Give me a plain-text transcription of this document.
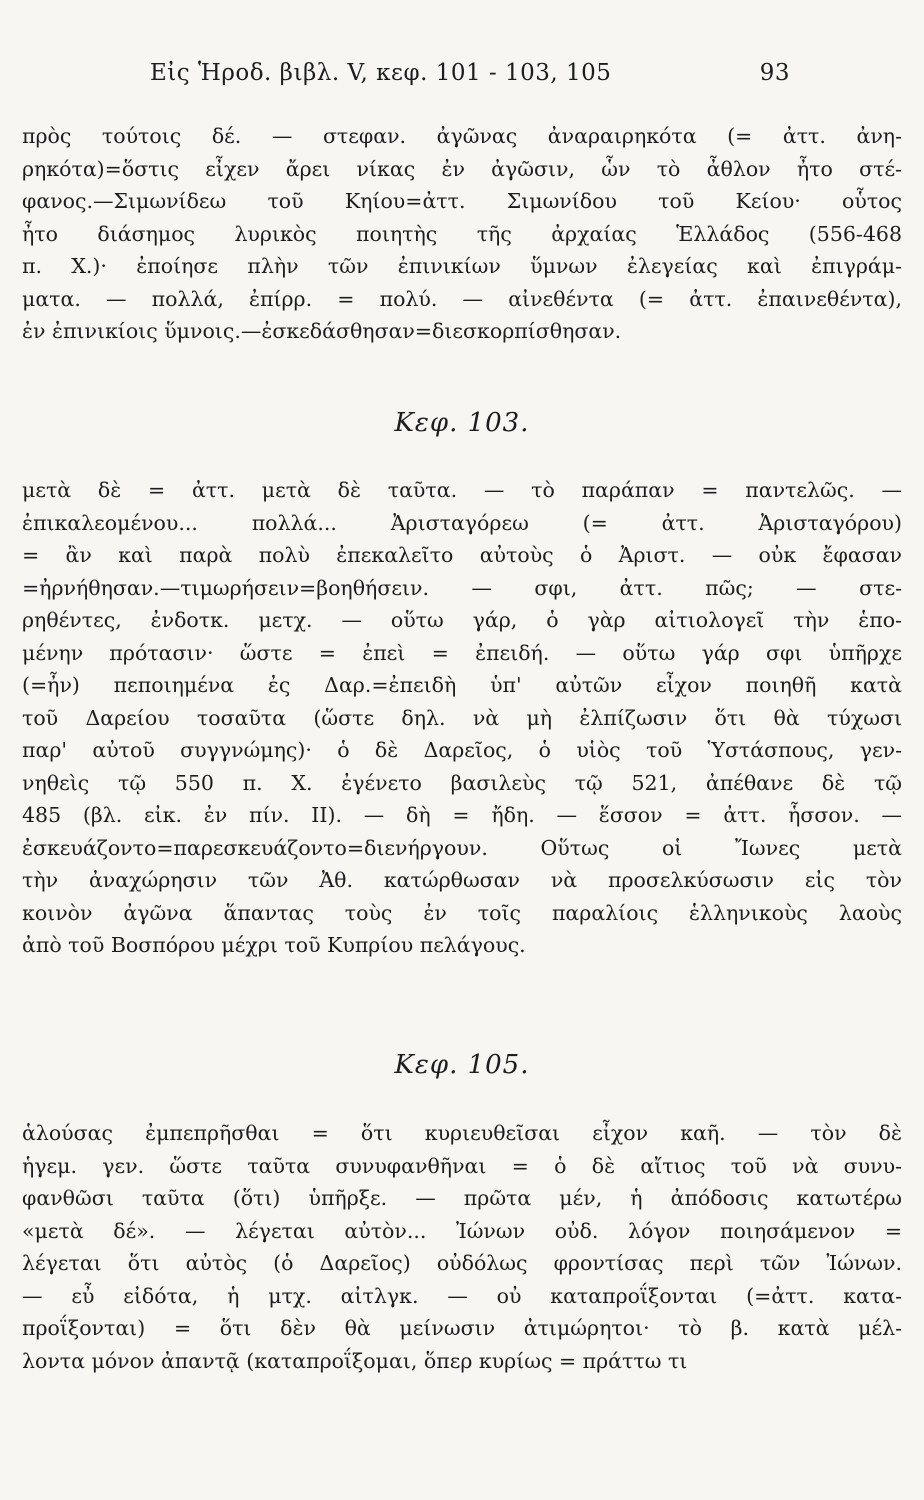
Εἰς Ἡροδ. βιβλ. V, κεφ. 101 - 103, 105	93
πρὸς τούτοις δέ. — στεφαν. ἀγῶνας ἀναραιρηκότα (= ἀττ. ἀνη-
ρηκότα)=ὅστις εἶχεν ἄρει νίκας ἐν ἀγῶσιν, ὧν τὸ ἆθλον ἦτο στέ-
φανος.—Σιμωνίδεω τοῦ Κηίου=ἀττ. Σιμωνίδου τοῦ Κείου· οὗτος
ἦτο διάσημος λυρικὸς ποιητὴς τῆς ἀρχαίας Ἑλλάδος (556-468
π. Χ.)· ἐποίησε πλὴν τῶν ἐπινικίων ὕμνων ἐλεγείας καὶ ἐπιγράμ-
ματα. — πολλά, ἐπίρρ. = πολύ. — αἰνεθέντα (= ἀττ. ἐπαινεθέντα),
ἐν ἐπινικίοις ὕμνοις.—ἐσκεδάσθησαν=διεσκορπίσθησαν.
Κεφ. 103.
μετὰ δὲ = ἀττ. μετὰ δὲ ταῦτα. — τὸ παράπαν = παντελῶς. —
ἐπικαλεομένου... πολλά... Ἀρισταγόρεω (= ἀττ. Ἀρισταγόρου)
= ἂν καὶ παρὰ πολὺ ἐπεκαλεῖτο αὐτοὺς ὁ Ἀριστ. — οὐκ ἔφασαν
=ἠρνήθησαν.—τιμωρήσειν=βοηθήσειν. — σφι, ἀττ. πῶς; — στε-
ρηθέντες, ἐνδοτκ. μετχ. — οὕτω γάρ, ὁ γὰρ αἰτιολογεῖ τὴν ἑπο-
μένην πρότασιν· ὥστε = ἐπεὶ = ἐπειδή. — οὕτω γάρ σφι ὑπῆρχε
(=ἦν) πεποιημένα ἐς Δαρ.=ἐπειδὴ ὑπ' αὐτῶν εἶχον ποιηθῆ κατὰ
τοῦ Δαρείου τοσαῦτα (ὥστε δηλ. νὰ μὴ ἐλπίζωσιν ὅτι θὰ τύχωσι
παρ' αὐτοῦ συγγνώμης)· ὁ δὲ Δαρεῖος, ὁ υἱὸς τοῦ Ὑστάσπους, γεν-
νηθεὶς τῷ 550 π. Χ. ἐγένετο βασιλεὺς τῷ 521, ἀπέθανε δὲ τῷ
485 (βλ. εἰκ. ἐν πίν. ΙΙ). — δὴ = ἤδη. — ἕσσον = ἀττ. ἧσσον. —
ἐσκευάζοντο=παρεσκευάζοντο=διενήργουν. Οὕτως οἱ Ἴωνες μετὰ
τὴν ἀναχώρησιν τῶν Ἀθ. κατώρθωσαν νὰ προσελκύσωσιν εἰς τὸν
κοινὸν ἀγῶνα ἅπαντας τοὺς ἐν τοῖς παραλίοις ἑλληνικοὺς λαοὺς
ἀπὸ τοῦ Βοσπόρου μέχρι τοῦ Κυπρίου πελάγους.
Κεφ. 105.
ἁλούσας ἐμπεπρῆσθαι = ὅτι κυριευθεῖσαι εἶχον καῆ. — τὸν δὲ
ἡγεμ. γεν. ὥστε ταῦτα συνυφανθῆναι = ὁ δὲ αἴτιος τοῦ νὰ συνυ-
φανθῶσι ταῦτα (ὅτι) ὑπῆρξε. — πρῶτα μέν, ἡ ἀπόδοσις κατωτέρω
«μετὰ δέ». — λέγεται αὐτὸν... Ἰώνων οὐδ. λόγον ποιησάμενον =
λέγεται ὅτι αὐτὸς (ὁ Δαρεῖος) οὐδόλως φροντίσας περὶ τῶν Ἰώνων.
— εὖ εἰδότα, ἡ μτχ. αἰτλγκ. — οὐ καταπροΐξονται (=ἀττ. κατα-
προΐξονται) = ὅτι δὲν θὰ μείνωσιν ἀτιμώρητοι· τὸ β. κατὰ μέλ-
λοντα μόνον ἀπαντᾷ (καταπροΐξομαι, ὅπερ κυρίως = πράττω τι
